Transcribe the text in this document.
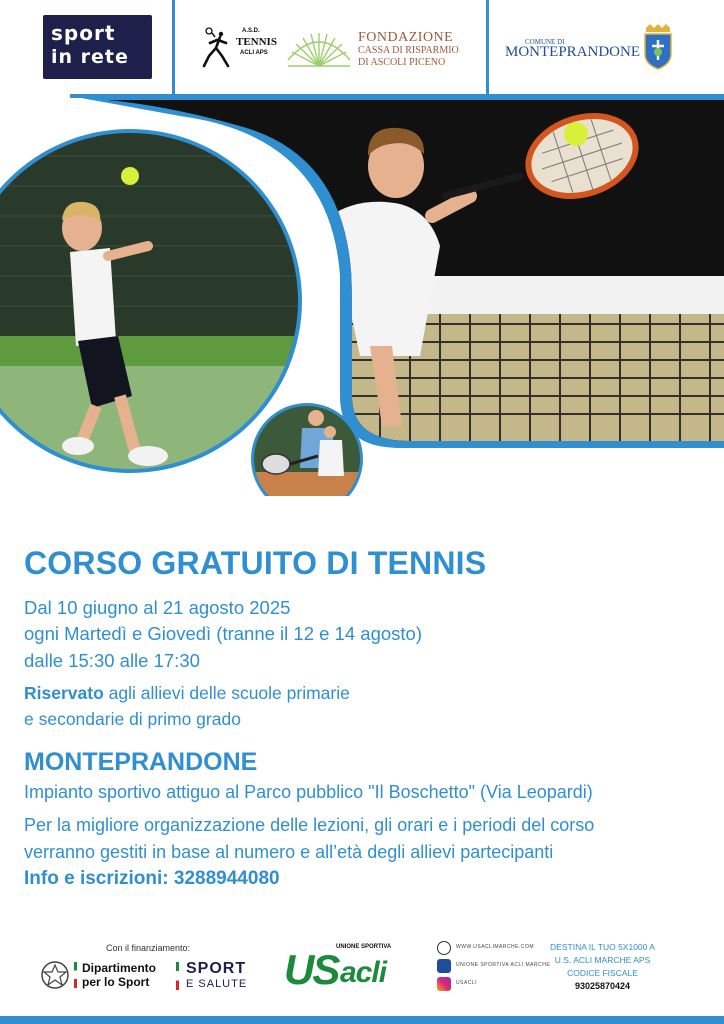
sport
in rete
A.S.D.
TENNIS
ACLI APS
FONDAZIONE
CASSA DI RISPARMIO
DI ASCOLI PICENO
COMUNE DI
MONTEPRANDONE
CORSO GRATUITO DI TENNIS
Dal 10 giugno al 21 agosto 2025
ogni Martedì e Giovedì (tranne il 12 e 14 agosto)
dalle 15:30 alle 17:30
Riservato agli allievi delle scuole primarie
e secondarie di primo grado
MONTEPRANDONE
Impianto sportivo attiguo al Parco pubblico "Il Boschetto" (Via Leopardi)
Per la migliore organizzazione delle lezioni, gli orari e i periodi del corso
verranno gestiti in base al numero e all’età degli allievi partecipanti
Info e iscrizioni: 3288944080
Con il finanziamento:
Dipartimento
per lo Sport
SPORT
E SALUTE
UNIONE SPORTIVA
US acli
WWW.USACLIMARCHE.COM
UNIONE SPORTIVA ACLI MARCHE
USACLI
DESTINA IL TUO 5X1000 A
U.S. ACLI MARCHE APS
CODICE FISCALE
93025870424
